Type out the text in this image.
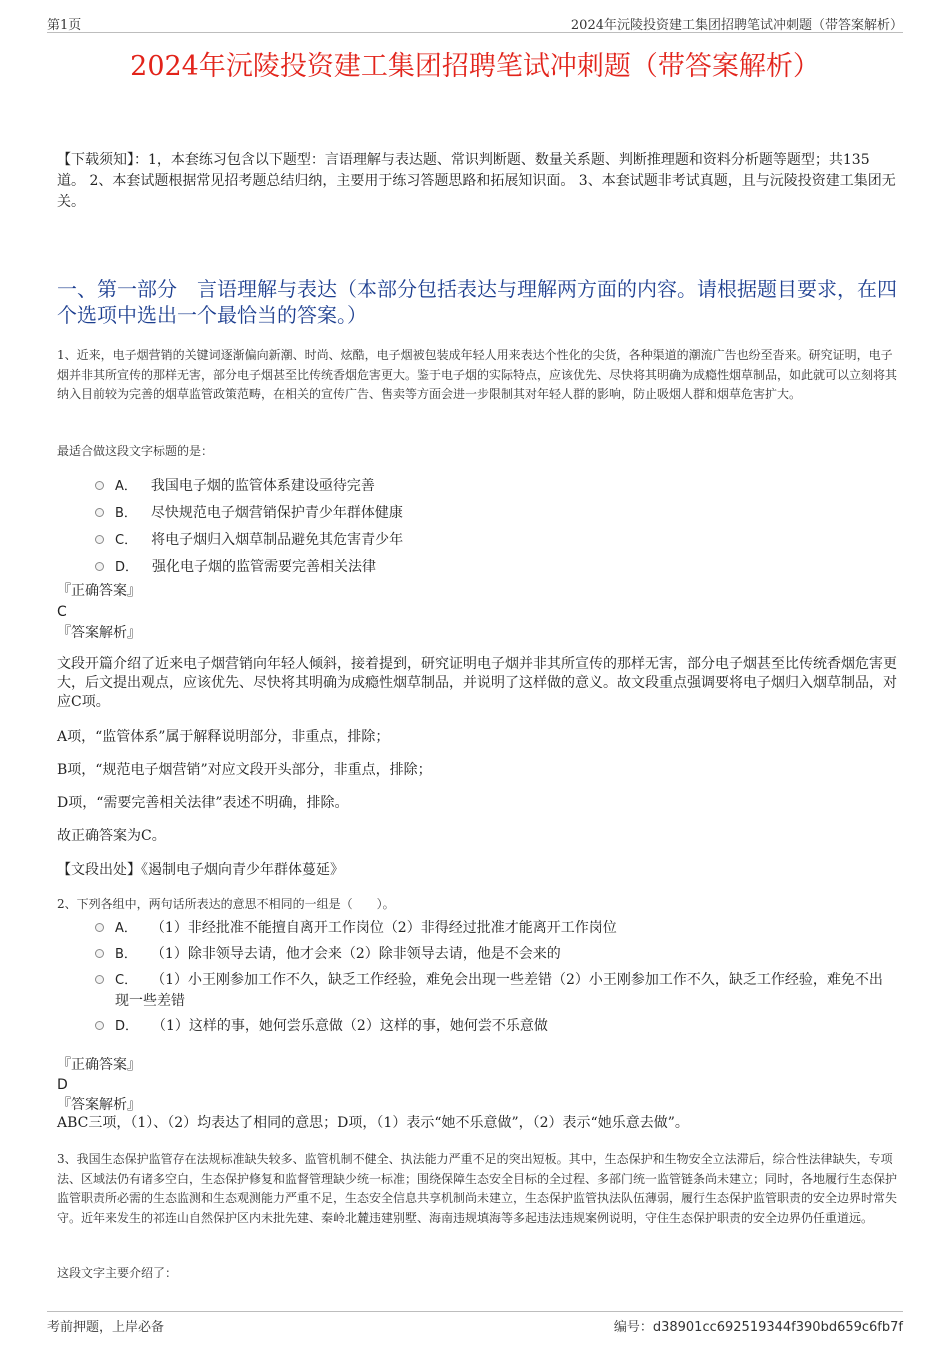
第1页	2024年沅陵投资建工集团招聘笔试冲刺题（带答案解析）
2024年沅陵投资建工集团招聘笔试冲刺题（带答案解析）
【下载须知】：1，本套练习包含以下题型：言语理解与表达题、常识判断题、数量关系题、判断推理题和资料分析题等题型；共135道。 2、本套试题根据常见招考题总结归纳，主要用于练习答题思路和拓展知识面。 3、本套试题非考试真题，且与沅陵投资建工集团无关。
一、第一部分　言语理解与表达（本部分包括表达与理解两方面的内容。请根据题目要求，在四个选项中选出一个最恰当的答案。）
1、近来，电子烟营销的关键词逐渐偏向新潮、时尚、炫酷，电子烟被包装成年轻人用来表达个性化的尖货，各种渠道的潮流广告也纷至沓来。研究证明，电子烟并非其所宣传的那样无害，部分电子烟甚至比传统香烟危害更大。鉴于电子烟的实际特点，应该优先、尽快将其明确为成瘾性烟草制品，如此就可以立刻将其纳入目前较为完善的烟草监管政策范畴，在相关的宣传广告、售卖等方面会进一步限制其对年轻人群的影响，防止吸烟人群和烟草危害扩大。
最适合做这段文字标题的是：
A． 我国电子烟的监管体系建设亟待完善
B． 尽快规范电子烟营销保护青少年群体健康
C． 将电子烟归入烟草制品避免其危害青少年
D． 强化电子烟的监管需要完善相关法律
『正确答案』
C
『答案解析』
文段开篇介绍了近来电子烟营销向年轻人倾斜，接着提到，研究证明电子烟并非其所宣传的那样无害，部分电子烟甚至比传统香烟危害更大，后文提出观点，应该优先、尽快将其明确为成瘾性烟草制品，并说明了这样做的意义。故文段重点强调要将电子烟归入烟草制品，对应C项。
A项，“监管体系”属于解释说明部分，非重点，排除；
B项，“规范电子烟营销”对应文段开头部分，非重点，排除；
D项，“需要完善相关法律”表述不明确，排除。
故正确答案为C。
【文段出处】《遏制电子烟向青少年群体蔓延》
2、下列各组中，两句话所表达的意思不相同的一组是（　　）。
A． （1）非经批准不能擅自离开工作岗位（2）非得经过批准才能离开工作岗位
B． （1）除非领导去请，他才会来（2）除非领导去请，他是不会来的
C． （1）小王刚参加工作不久，缺乏工作经验，难免会出现一些差错（2）小王刚参加工作不久，缺乏工作经验，难免不出现一些差错
D． （1）这样的事，她何尝乐意做（2）这样的事，她何尝不乐意做
『正确答案』
D
『答案解析』
ABC三项，（1）、（2）均表达了相同的意思；D项，（1）表示“她不乐意做”，（2）表示“她乐意去做”。
3、我国生态保护监管存在法规标准缺失较多、监管机制不健全、执法能力严重不足的突出短板。其中，生态保护和生物安全立法滞后，综合性法律缺失，专项法、区域法仍有诸多空白，生态保护修复和监督管理缺少统一标准；围绕保障生态安全目标的全过程、多部门统一监管链条尚未建立；同时，各地履行生态保护监管职责所必需的生态监测和生态观测能力严重不足，生态安全信息共享机制尚未建立，生态保护监管执法队伍薄弱，履行生态保护监管职责的安全边界时常失守。近年来发生的祁连山自然保护区内未批先建、秦岭北麓违建别墅、海南违规填海等多起违法违规案例说明，守住生态保护职责的安全边界仍任重道远。
这段文字主要介绍了：
考前押题，上岸必备	编号：d38901cc692519344f390bd659c6fb7f
